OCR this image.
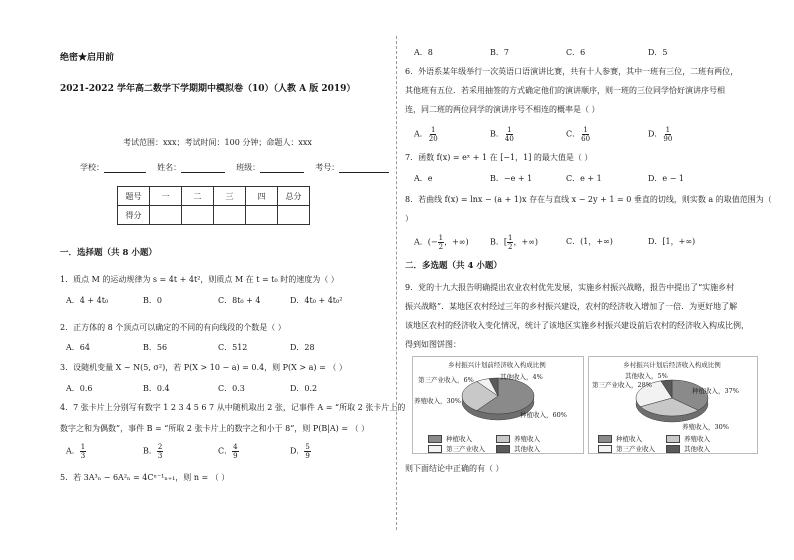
绝密★启用前
2021-2022 学年高二数学下学期期中模拟卷（10）（人教 A 版 2019）
考试范围：xxx；考试时间：100 分钟；命题人：xxx
学校：	姓名：	班级：	考号：
题号	一	二	三	四	总分
得分					
一．选择题（共 8 小题）
1．质点 M 的运动规律为 s = 4t + 4t²，则质点 M 在 t = t₀ 时的速度为（ ）
A．4 + 4t₀	B．0	C．8t₀ + 4	D．4t₀ + 4t₀²
2．正方体的 8 个顶点可以确定的不同的有向线段的个数是（ ）
A．64	B．56	C．512	D．28
3．设随机变量 X ~ N(5, σ²)，若 P(X > 10 − a) = 0.4，则 P(X > a) = （ ）
A．0.6	B．0.4	C．0.3	D．0.2
4．7 张卡片上分别写有数字 1 2 3 4 5 6 7 从中随机取出 2 张，记事件 A = “所取 2 张卡片上的
数字之和为偶数”，事件 B = “所取 2 张卡片上的数字之和小于 8”，则 P(B|A) = （ ）
A． $\frac{1}{3}$	B． $\frac{2}{3}$	C． $\frac{4}{9}$	D． $\frac{5}{9}$
5．若 3A³ₙ − 6A²ₙ = 4Cⁿ⁻¹ₙ₊₁，则 n = （ ）
A．8	B．7	C．6	D．5
6．外语系某年级举行一次英语口语演讲比赛，共有十人参赛，其中一班有三位，二班有两位，
其他班有五位．若采用抽签的方式确定他们的演讲顺序，则一班的三位同学恰好演讲序号相
连，同二班的两位同学的演讲序号不相连的概率是（ ）
A． $\frac{1}{20}$	B． $\frac{1}{40}$	C． $\frac{1}{60}$	D． $\frac{1}{90}$
7．函数 f(x) = eˣ + 1 在 [−1，1] 的最大值是（ ）
A．e	B．−e + 1	C．e + 1	D．e − 1
8．若曲线 f(x) = lnx − (a + 1)x 存在与直线 x − 2y + 1 = 0 垂直的切线，则实数 a 的取值范围为（
）
A．(− $\frac{1}{2}$ ，+∞)	B．[ $\frac{1}{2}$ ，+∞)	C．(1，+∞)	D．[1，+∞)
二．多选题（共 4 小题）
9．党的十九大报告明确提出农业农村优先发展，实施乡村振兴战略，报告中提出了“实施乡村
振兴战略”．某地区农村经过三年的乡村振兴建设，农村的经济收入增加了一倍．为更好地了解
该地区农村的经济收入变化情况，统计了该地区实施乡村振兴建设前后农村的经济收入构成比例，
得到如图饼图：
乡村振兴计划前经济收入构成比例	乡村振兴计划后经济收入构成比例
第三产业收入，6%	其他收入，4%
养殖收入，30%
种植收入，60%
第三产业收入，28%
其他收入，5%
种植收入，37%
养殖收入，30%
种植收入	养殖收入
第三产业收入	其他收入
种植收入	养殖收入
第三产业收入	其他收入
则下面结论中正确的有（ ）
